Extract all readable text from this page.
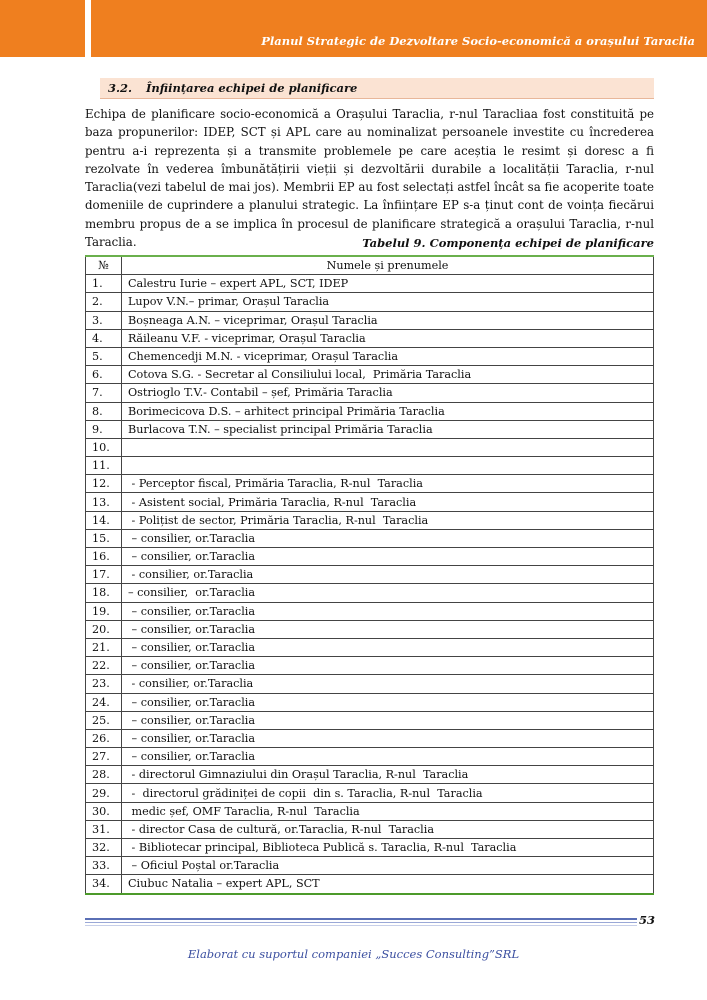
Planul Strategic de Dezvoltare Socio-economică a orașului Taraclia
3.2. Înființarea echipei de planificare
Echipa de planificare socio-economică a Orașului Taraclia, r-nul Taracliaa fost constituită pe baza propunerilor: IDEP, SCT și APL care au nominalizat persoanele investite cu încrederea pentru a-i reprezenta și a transmite problemele pe care aceștia le resimt și doresc a fi rezolvate în vederea îmbunătățirii vieții și dezvoltării durabile a localității Taraclia, r-nul Taraclia(vezi tabelul de mai jos). Membrii EP au fost selectați astfel încât sa fie acoperite toate domeniile de cuprindere a planului strategic. La înființare EP s-a ținut cont de voința fiecărui membru propus de a se implica în procesul de planificare strategică a orașului Taraclia, r-nul Taraclia.	Tabelul 9. Componența echipei de planificare
№	Numele și prenumele
1.	Calestru Iurie – expert APL, SCT, IDEP
2.	Lupov V.N.– primar, Orașul Taraclia
3.	Boșneaga A.N. – viceprimar, Orașul Taraclia
4.	Răileanu V.F. - viceprimar, Orașul Taraclia
5.	Chemencedji M.N. - viceprimar, Orașul Taraclia
6.	Cotova S.G. - Secretar al Consiliului local,  Primăria Taraclia
7.	Ostrioglo T.V.- Contabil – șef, Primăria Taraclia
8.	Borimecicova D.S. – arhitect principal Primăria Taraclia
9.	Burlacova T.N. – specialist principal Primăria Taraclia
10.	
11.	
12.	- Perceptor fiscal, Primăria Taraclia, R-nul  Taraclia
13.	- Asistent social, Primăria Taraclia, R-nul  Taraclia
14.	- Polițist de sector, Primăria Taraclia, R-nul  Taraclia
15.	– consilier, or.Taraclia
16.	– consilier, or.Taraclia
17.	- consilier, or.Taraclia
18.	– consilier,  or.Taraclia
19.	– consilier, or.Taraclia
20.	– consilier, or.Taraclia
21.	– consilier, or.Taraclia
22.	– consilier, or.Taraclia
23.	- consilier, or.Taraclia
24.	– consilier, or.Taraclia
25.	– consilier, or.Taraclia
26.	– consilier, or.Taraclia
27.	– consilier, or.Taraclia
28.	- directorul Gimnaziului din Orașul Taraclia, R-nul  Taraclia
29.	-  directorul grădiniței de copii  din s. Taraclia, R-nul  Taraclia
30.	medic șef, OMF Taraclia, R-nul  Taraclia
31.	- director Casa de cultură, or.Taraclia, R-nul  Taraclia
32.	- Bibliotecar principal, Biblioteca Publică s. Taraclia, R-nul  Taraclia
33.	– Oficiul Poștal or.Taraclia
34.	Ciubuc Natalia – expert APL, SCT
53
Elaborat cu suportul companiei „Succes Consulting”SRL
